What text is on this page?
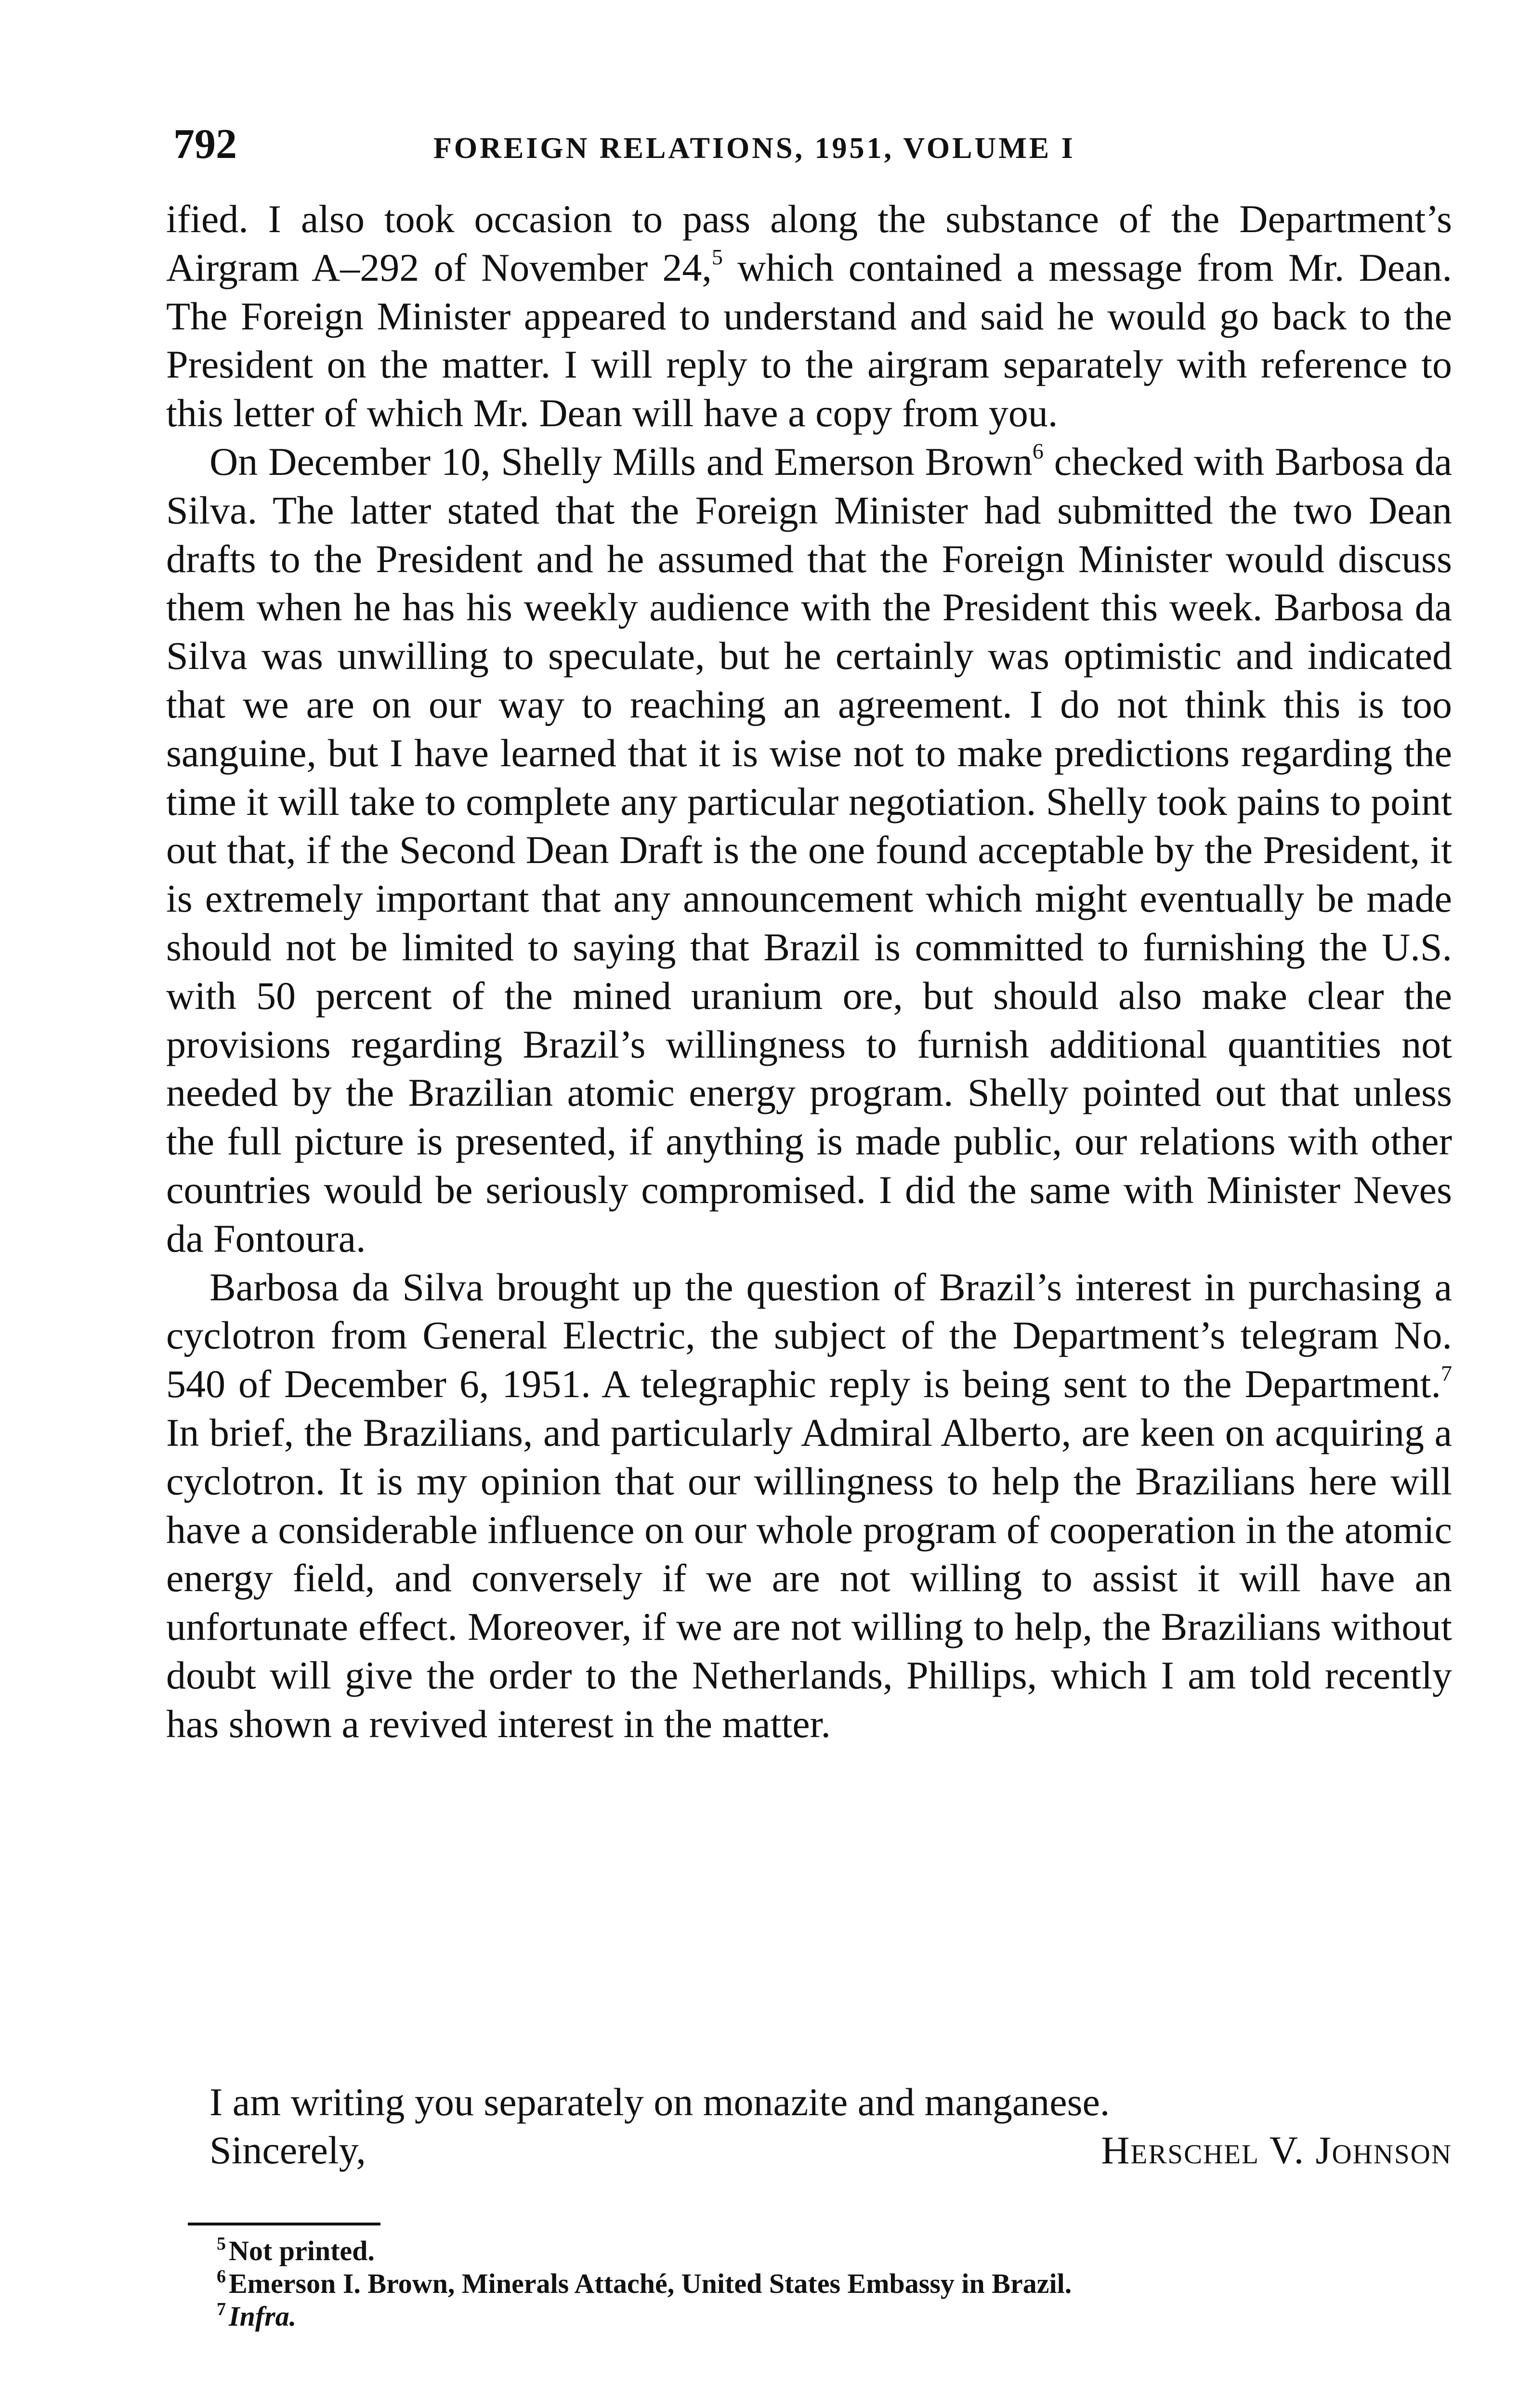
792	FOREIGN RELATIONS, 1951, VOLUME I

ified. I also took occasion to pass along the substance of the Department’s Airgram A–292 of November 24,$^5$ which contained a message from Mr. Dean. The Foreign Minister appeared to understand and said he would go back to the President on the matter. I will reply to the airgram separately with reference to this letter of which Mr. Dean will have a copy from you.

On December 10, Shelly Mills and Emerson Brown$^6$ checked with Barbosa da Silva. The latter stated that the Foreign Minister had submitted the two Dean drafts to the President and he assumed that the Foreign Minister would discuss them when he has his weekly audience with the President this week. Barbosa da Silva was unwilling to speculate, but he certainly was optimistic and indicated that we are on our way to reaching an agreement. I do not think this is too sanguine, but I have learned that it is wise not to make predictions regarding the time it will take to complete any particular negotiation. Shelly took pains to point out that, if the Second Dean Draft is the one found acceptable by the President, it is extremely important that any announcement which might eventually be made should not be limited to saying that Brazil is committed to furnishing the U.S. with 50 percent of the mined uranium ore, but should also make clear the provisions regarding Brazil’s willingness to furnish additional quantities not needed by the Brazilian atomic energy program. Shelly pointed out that unless the full picture is presented, if anything is made public, our relations with other countries would be seriously compromised. I did the same with Minister Neves da Fontoura.

Barbosa da Silva brought up the question of Brazil’s interest in purchasing a cyclotron from General Electric, the subject of the Department’s telegram No. 540 of December 6, 1951. A telegraphic reply is being sent to the Department.$^7$ In brief, the Brazilians, and particularly Admiral Alberto, are keen on acquiring a cyclotron. It is my opinion that our willingness to help the Brazilians here will have a considerable influence on our whole program of cooperation in the atomic energy field, and conversely if we are not willing to assist it will have an unfortunate effect. Moreover, if we are not willing to help, the Brazilians without doubt will give the order to the Netherlands, Phillips, which I am told recently has shown a revived interest in the matter.

I am writing you separately on monazite and manganese.
Sincerely,	Herschel V. Johnson
$^5$ Not printed.
$^6$ Emerson I. Brown, Minerals Attaché, United States Embassy in Brazil.
$^7$ Infra.
